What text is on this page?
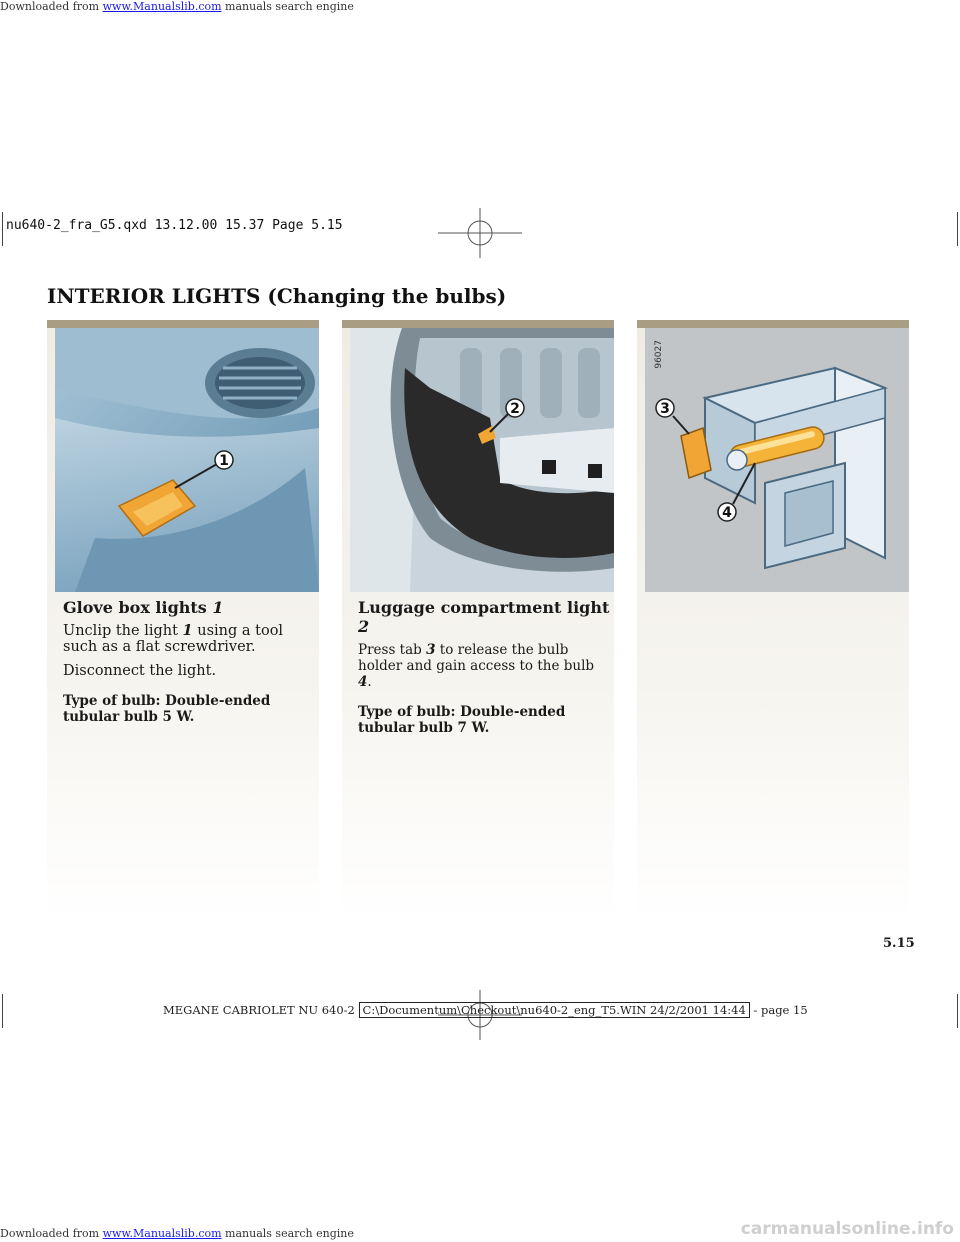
Downloaded from www.Manualslib.com manuals search engine
nu640-2_fra_G5.qxd 13.12.00 15.37 Page 5.15
INTERIOR LIGHTS (Changing the bulbs)
1

Glove box lights 1

Unclip the light 1 using a tool such as a flat screwdriver.

Disconnect the light.

Type of bulb: Double-ended tubular bulb 5 W.

2

Luggage compartment light 2

Press tab 3 to release the bulb holder and gain access to the bulb 4.

Type of bulb: Double-ended tubular bulb 7 W.

96027
3
4
5.15
MEGANE CABRIOLET NU 640-2 C:\Documentum\Checkout\nu640-2_eng_T5.WIN 24/2/2001 14:44 - page 15
Downloaded from www.Manualslib.com manuals search engine	carmanualsonline.info
